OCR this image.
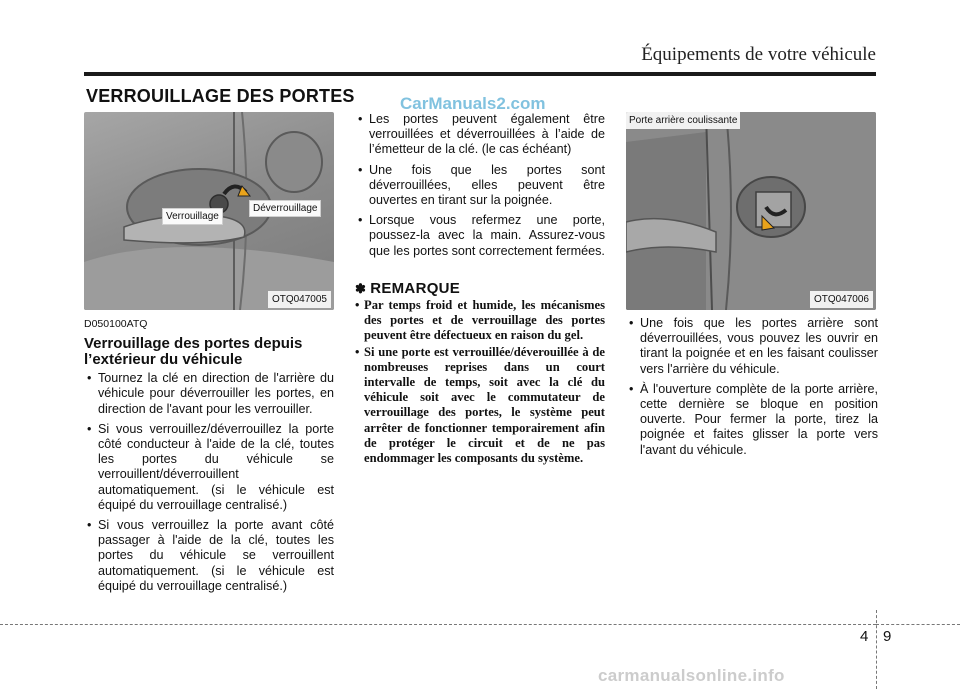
Équipements de votre véhicule
VERROUILLAGE DES PORTES	CarManuals2.com
Verrouillage
Déverrouillage
OTQ047005
D050100ATQ
Verrouillage des portes depuis l’extérieur du véhicule
• Tournez la clé en direction de l'arrière du véhicule pour déverrouiller les portes, en direction de l'avant pour les verrouiller.
• Si vous verrouillez/déverrouillez la porte côté conducteur à l'aide de la clé, toutes les portes du véhicule se verrouillent/déverrouillent automatiquement. (si le véhicule est équipé du verrouillage centralisé.)
• Si vous verrouillez la porte avant côté passager à l'aide de la clé, toutes les portes du véhicule se verrouillent automatiquement. (si le véhicule est équipé du verrouillage centralisé.)
• Les portes peuvent également être verrouillées et déverrouillées à l’aide de l’émetteur de la clé. (le cas échéant)
• Une fois que les portes sont déverrouillées, elles peuvent être ouvertes en tirant sur la poignée.
• Lorsque vous refermez une porte, poussez-la avec la main. Assurez-vous que les portes sont correctement fermées.
✽ REMARQUE
• Par temps froid et humide, les mécanismes des portes et de verrouillage des portes peuvent être défectueux en raison du gel.
• Si une porte est verrouillée/déverouillée à de nombreuses reprises dans un court intervalle de temps, soit avec la clé du véhicule soit avec le commutateur de verrouillage des portes, le système peut arrêter de fonctionner temporairement afin de protéger le circuit et de ne pas endommager les composants du système.
Porte arrière coulissante
OTQ047006
• Une fois que les portes arrière sont déverrouillées, vous pouvez les ouvrir en tirant la poignée et en les faisant coulisser vers l'arrière du véhicule.
• À l'ouverture complète de la porte arrière, cette dernière se bloque en position ouverte. Pour fermer la porte, tirez la poignée et faites glisser la porte vers l'avant du véhicule.
4 9
carmanualsonline.info
